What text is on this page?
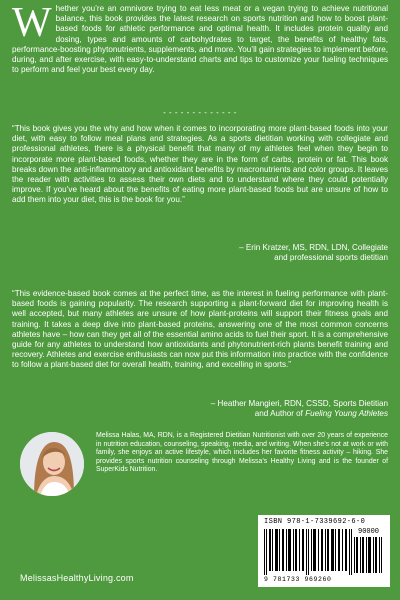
W hether you’re an omnivore trying to eat less meat or a vegan trying to achieve nutritional balance, this book provides the latest research on sports nutrition and how to boost plant-based foods for athletic performance and optimal health. It includes protein quality and dosing, types and amounts of carbohydrates to target, the benefits of healthy fats, performance-boosting phytonutrients, supplements, and more. You’ll gain strategies to implement before, during, and after exercise, with easy-to-understand charts and tips to customize your fueling techniques to perform and feel your best every day.
- - - - - - - - - - - - -
“This book gives you the why and how when it comes to incorporating more plant-based foods into your diet, with easy to follow meal plans and strategies. As a sports dietitian working with collegiate and professional athletes, there is a physical benefit that many of my athletes feel when they begin to incorporate more plant-based foods, whether they are in the form of carbs, protein or fat. This book breaks down the anti-inflammatory and antioxidant benefits by macronutrients and color groups. It leaves the reader with activities to assess their own diets and to understand where they could potentially improve. If you’ve heard about the benefits of eating more plant-based foods but are unsure of how to add them into your diet, this is the book for you.”
– Erin Kratzer, MS, RDN, LDN, Collegiate
and professional sports dietitian
“This evidence-based book comes at the perfect time, as the interest in fueling performance with plant-based foods is gaining popularity. The research supporting a plant-forward diet for improving health is well accepted, but many athletes are unsure of how plant-proteins will support their fitness goals and training. It takes a deep dive into plant-based proteins, answering one of the most common concerns athletes have – how can they get all of the essential amino acids to fuel their sport. It is a comprehensive guide for any athletes to understand how antioxidants and phytonutrient-rich plants benefit training and recovery. Athletes and exercise enthusiasts can now put this information into practice with the confidence to follow a plant-based diet for overall health, training, and excelling in sports.”
– Heather Mangieri, RDN, CSSD, Sports Dietitian
and Author of Fueling Young Athletes
Melissa Halas, MA, RDN, is a Registered Dietitian Nutritionist with over 20 years of experience in nutrition education, counseling, speaking, media, and writing. When she’s not at work or with family, she enjoys an active lifestyle, which includes her favorite fitness activity – hiking. She provides sports nutrition counseling through Melissa’s Healthy Living and is the founder of SuperKids Nutrition.
MelissasHealthyLiving.com
ISBN 978-1-7339692-6-0
90000
9 781733 969260
